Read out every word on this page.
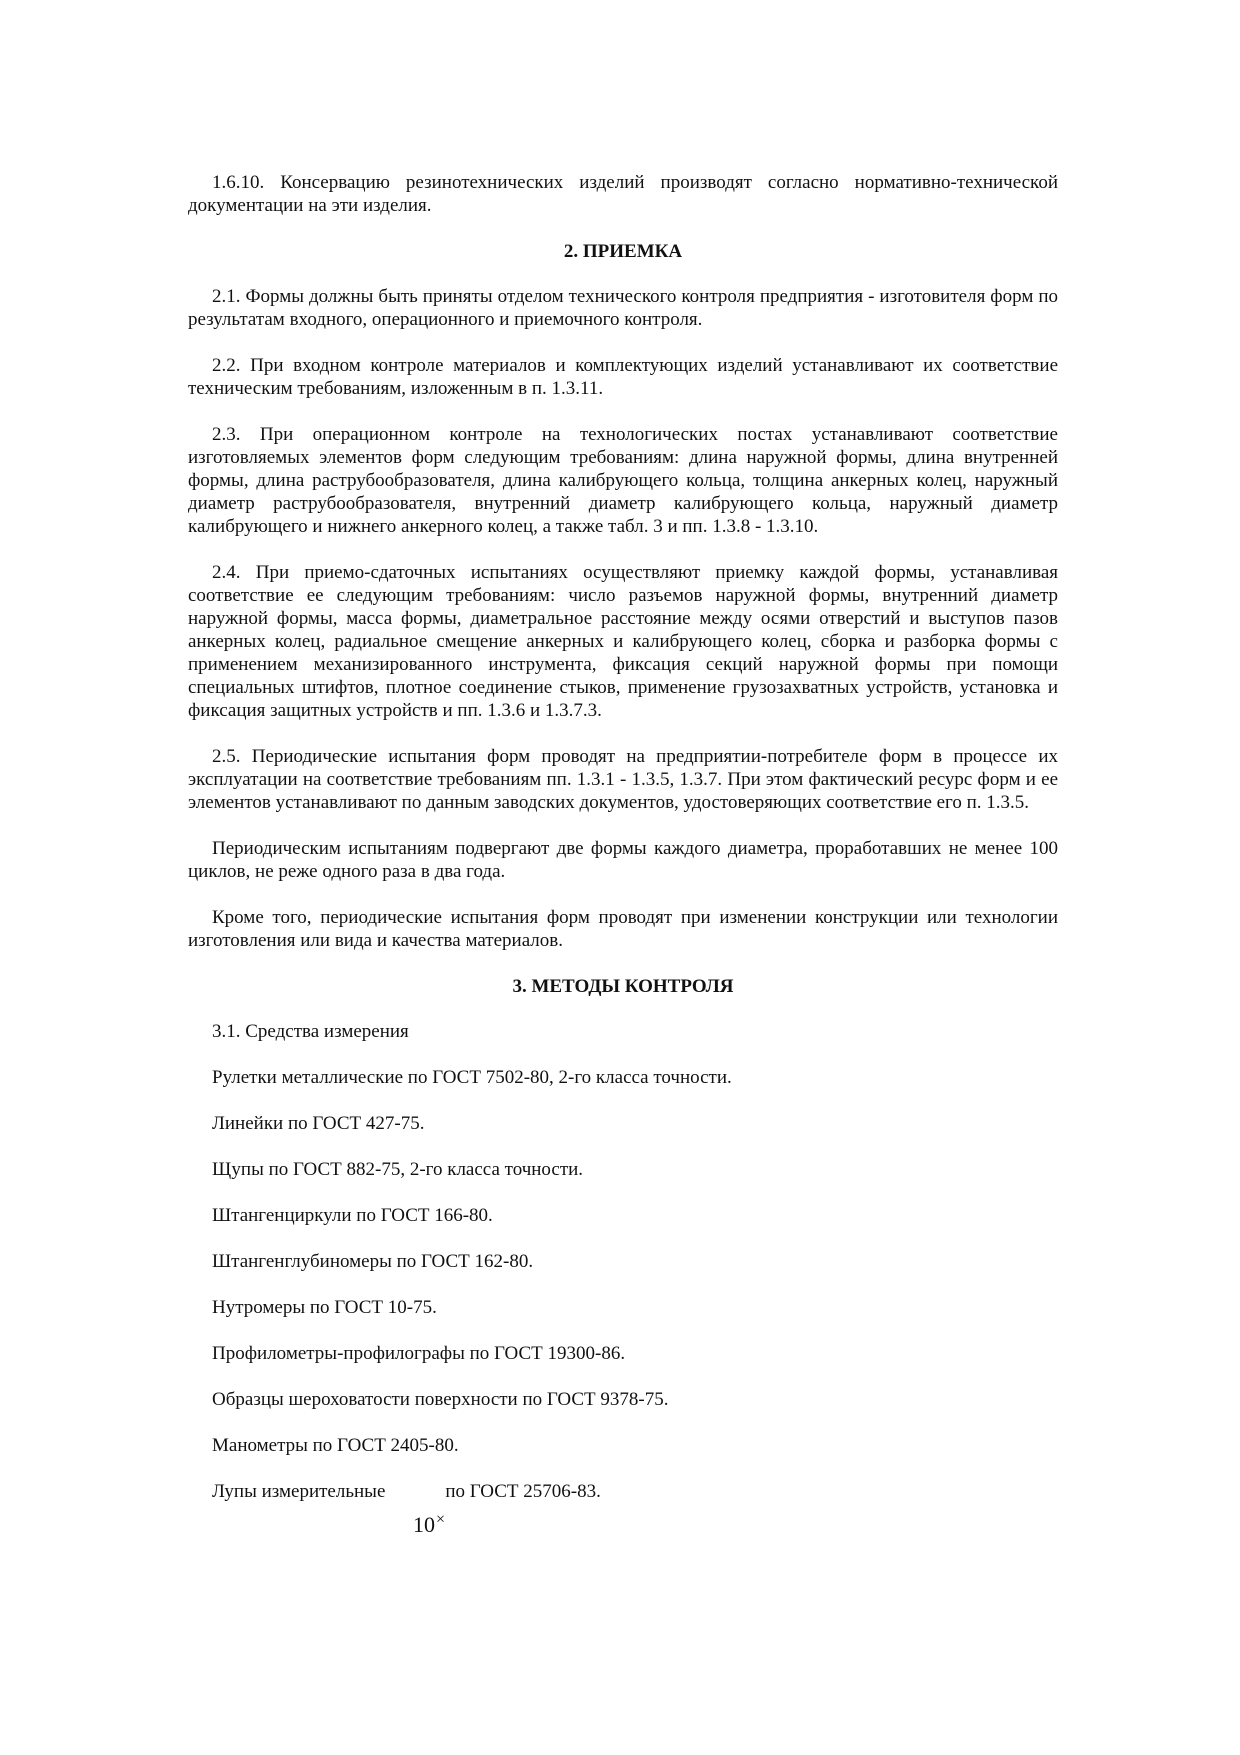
1.6.10. Консервацию резинотехнических изделий производят согласно нормативно-технической документации на эти изделия.

2. ПРИЕМКА

2.1. Формы должны быть приняты отделом технического контроля предприятия - изготовителя форм по результатам входного, операционного и приемочного контроля.

2.2. При входном контроле материалов и комплектующих изделий устанавливают их соответствие техническим требованиям, изложенным в п. 1.3.11.

2.3. При операционном контроле на технологических постах устанавливают соответствие изготовляемых элементов форм следующим требованиям: длина наружной формы, длина внутренней формы, длина раструбообразователя, длина калибрующего кольца, толщина анкерных колец, наружный диаметр раструбообразователя, внутренний диаметр калибрующего кольца, наружный диаметр калибрующего и нижнего анкерного колец, а также табл. 3 и пп. 1.3.8 - 1.3.10.

2.4. При приемо-сдаточных испытаниях осуществляют приемку каждой формы, устанавливая соответствие ее следующим требованиям: число разъемов наружной формы, внутренний диаметр наружной формы, масса формы, диаметральное расстояние между осями отверстий и выступов пазов анкерных колец, радиальное смещение анкерных и калибрующего колец, сборка и разборка формы с применением механизированного инструмента, фиксация секций наружной формы при помощи специальных штифтов, плотное соединение стыков, применение грузозахватных устройств, установка и фиксация защитных устройств и пп. 1.3.6 и 1.3.7.3.

2.5. Периодические испытания форм проводят на предприятии-потребителе форм в процессе их эксплуатации на соответствие требованиям пп. 1.3.1 - 1.3.5, 1.3.7. При этом фактический ресурс форм и ее элементов устанавливают по данным заводских документов, удостоверяющих соответствие его п. 1.3.5.

Периодическим испытаниям подвергают две формы каждого диаметра, проработавших не менее 100 циклов, не реже одного раза в два года.

Кроме того, периодические испытания форм проводят при изменении конструкции или технологии изготовления или вида и качества материалов.

3. МЕТОДЫ КОНТРОЛЯ

3.1. Средства измерения

Рулетки металлические по ГОСТ 7502-80, 2-го класса точности.

Линейки по ГОСТ 427-75.

Щупы по ГОСТ 882-75, 2-го класса точности.

Штангенциркули по ГОСТ 166-80.

Штангенглубиномеры по ГОСТ 162-80.

Нутромеры по ГОСТ 10-75.

Профилометры-профилографы по ГОСТ 19300-86.

Образцы шероховатости поверхности по ГОСТ 9378-75.

Манометры по ГОСТ 2405-80.

Лупы измерительные	по ГОСТ 25706-83.
10×
